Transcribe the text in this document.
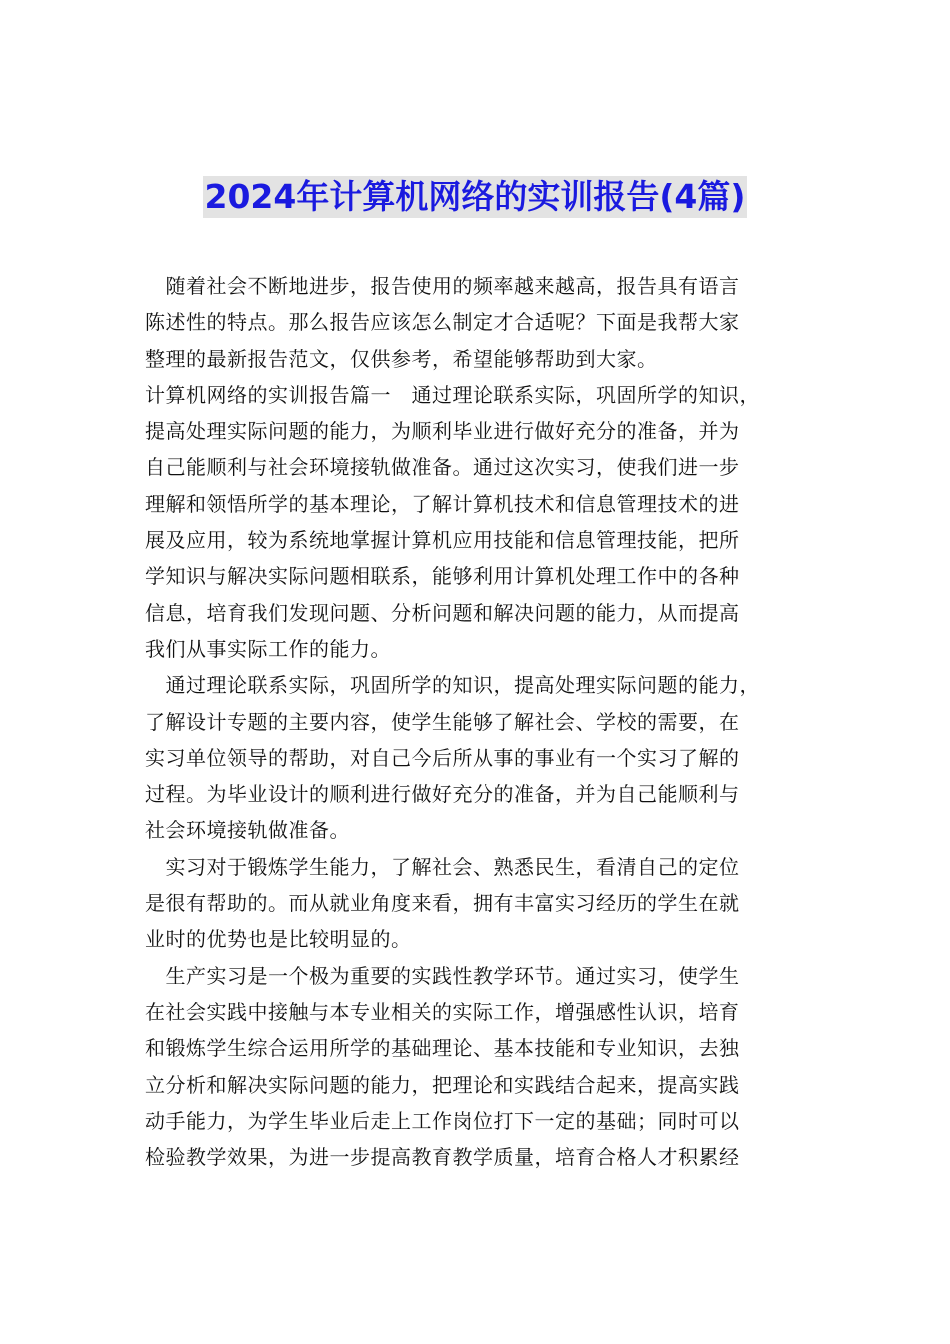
2024年计算机网络的实训报告(4篇)
　随着社会不断地进步，报告使用的频率越来越高，报告具有语言
陈述性的特点。那么报告应该怎么制定才合适呢？下面是我帮大家
整理的最新报告范文，仅供参考，希望能够帮助到大家。
计算机网络的实训报告篇一　通过理论联系实际，巩固所学的知识，
提高处理实际问题的能力，为顺利毕业进行做好充分的准备，并为
自己能顺利与社会环境接轨做准备。通过这次实习，使我们进一步
理解和领悟所学的基本理论，了解计算机技术和信息管理技术的进
展及应用，较为系统地掌握计算机应用技能和信息管理技能，把所
学知识与解决实际问题相联系，能够利用计算机处理工作中的各种
信息，培育我们发现问题、分析问题和解决问题的能力，从而提高
我们从事实际工作的能力。
　通过理论联系实际，巩固所学的知识，提高处理实际问题的能力，
了解设计专题的主要内容，使学生能够了解社会、学校的需要，在
实习单位领导的帮助，对自己今后所从事的事业有一个实习了解的
过程。为毕业设计的顺利进行做好充分的准备，并为自己能顺利与
社会环境接轨做准备。
　实习对于锻炼学生能力，了解社会、熟悉民生，看清自己的定位
是很有帮助的。而从就业角度来看，拥有丰富实习经历的学生在就
业时的优势也是比较明显的。
　生产实习是一个极为重要的实践性教学环节。通过实习，使学生
在社会实践中接触与本专业相关的实际工作，增强感性认识，培育
和锻炼学生综合运用所学的基础理论、基本技能和专业知识，去独
立分析和解决实际问题的能力，把理论和实践结合起来，提高实践
动手能力，为学生毕业后走上工作岗位打下一定的基础；同时可以
检验教学效果，为进一步提高教育教学质量，培育合格人才积累经
